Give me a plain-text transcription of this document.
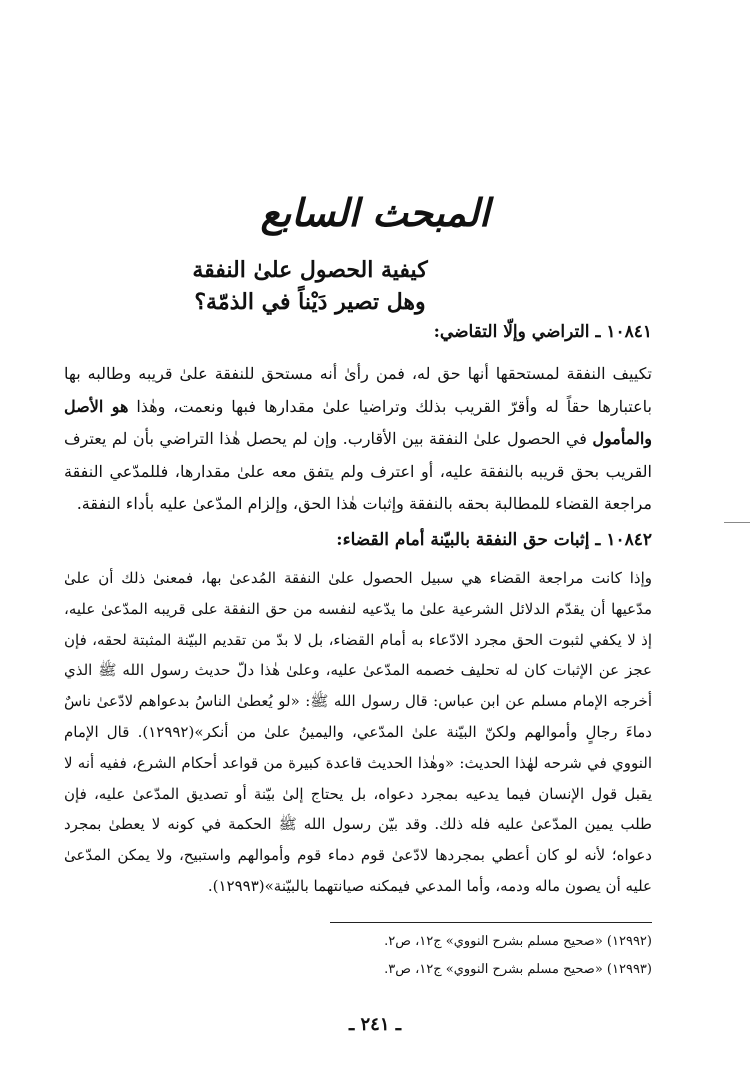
المبحث السابع
كيفية الحصول علىٰ النفقة
وهل تصير دَيْناً في الذمّة؟
١٠٨٤١ ـ التراضي وإلّا التقاضي:
تكييف النفقة لمستحقها أنها حق له، فمن رأىٰ أنه مستحق للنفقة علىٰ قريبه وطالبه بها باعتبارها حقاً له وأقرّ القريب بذلك وتراضيا علىٰ مقدارها فبها ونعمت، وهٰذا هو الأصل والمأمول في الحصول علىٰ النفقة بين الأقارب. وإن لم يحصل هٰذا التراضي بأن لم يعترف القريب بحق قريبه بالنفقة عليه، أو اعترف ولم يتفق معه علىٰ مقدارها، فللمدّعي النفقة مراجعة القضاء للمطالبة بحقه بالنفقة وإثبات هٰذا الحق، وإلزام المدّعىٰ عليه بأداء النفقة.
١٠٨٤٢ ـ إثبات حق النفقة بالبيّنة أمام القضاء:
وإذا كانت مراجعة القضاء هي سبيل الحصول علىٰ النفقة المُدعىٰ بها، فمعنىٰ ذلك أن علىٰ مدّعيها أن يقدّم الدلائل الشرعية علىٰ ما يدّعيه لنفسه من حق النفقة على قريبه المدّعىٰ عليه، إذ لا يكفي لثبوت الحق مجرد الادّعاء به أمام القضاء، بل لا بدّ من تقديم البيّنة المثبتة لحقه، فإن عجز عن الإثبات كان له تحليف خصمه المدّعىٰ عليه، وعلىٰ هٰذا دلّ حديث رسول الله ﷺ الذي أخرجه الإمام مسلم عن ابن عباس: قال رسول الله ﷺ: «لو يُعطىٰ الناسُ بدعواهم لادّعىٰ ناسٌ دماءَ رجالٍ وأموالهم ولكنّ البيّنة علىٰ المدّعي، واليمينُ علىٰ من أنكر»(١٢٩٩٢). قال الإمام النووي في شرحه لهٰذا الحديث: «وهٰذا الحديث قاعدة كبيرة من قواعد أحكام الشرع، ففيه أنه لا يقبل قول الإنسان فيما يدعيه بمجرد دعواه، بل يحتاج إلىٰ بيّنة أو تصديق المدّعىٰ عليه، فإن طلب يمين المدّعىٰ عليه فله ذلك. وقد بيّن رسول الله ﷺ الحكمة في كونه لا يعطىٰ بمجرد دعواه؛ لأنه لو كان أعطي بمجردها لادّعىٰ قوم دماء قوم وأموالهم واستبيح، ولا يمكن المدّعىٰ عليه أن يصون ماله ودمه، وأما المدعي فيمكنه صيانتهما بالبيّنة»(١٢٩٩٣).
(١٢٩٩٢) «صحيح مسلم بشرح النووي» ج١٢، ص٢.
(١٢٩٩٣) «صحيح مسلم بشرح النووي» ج١٢، ص٣.
ـ ٢٤١ ـ
